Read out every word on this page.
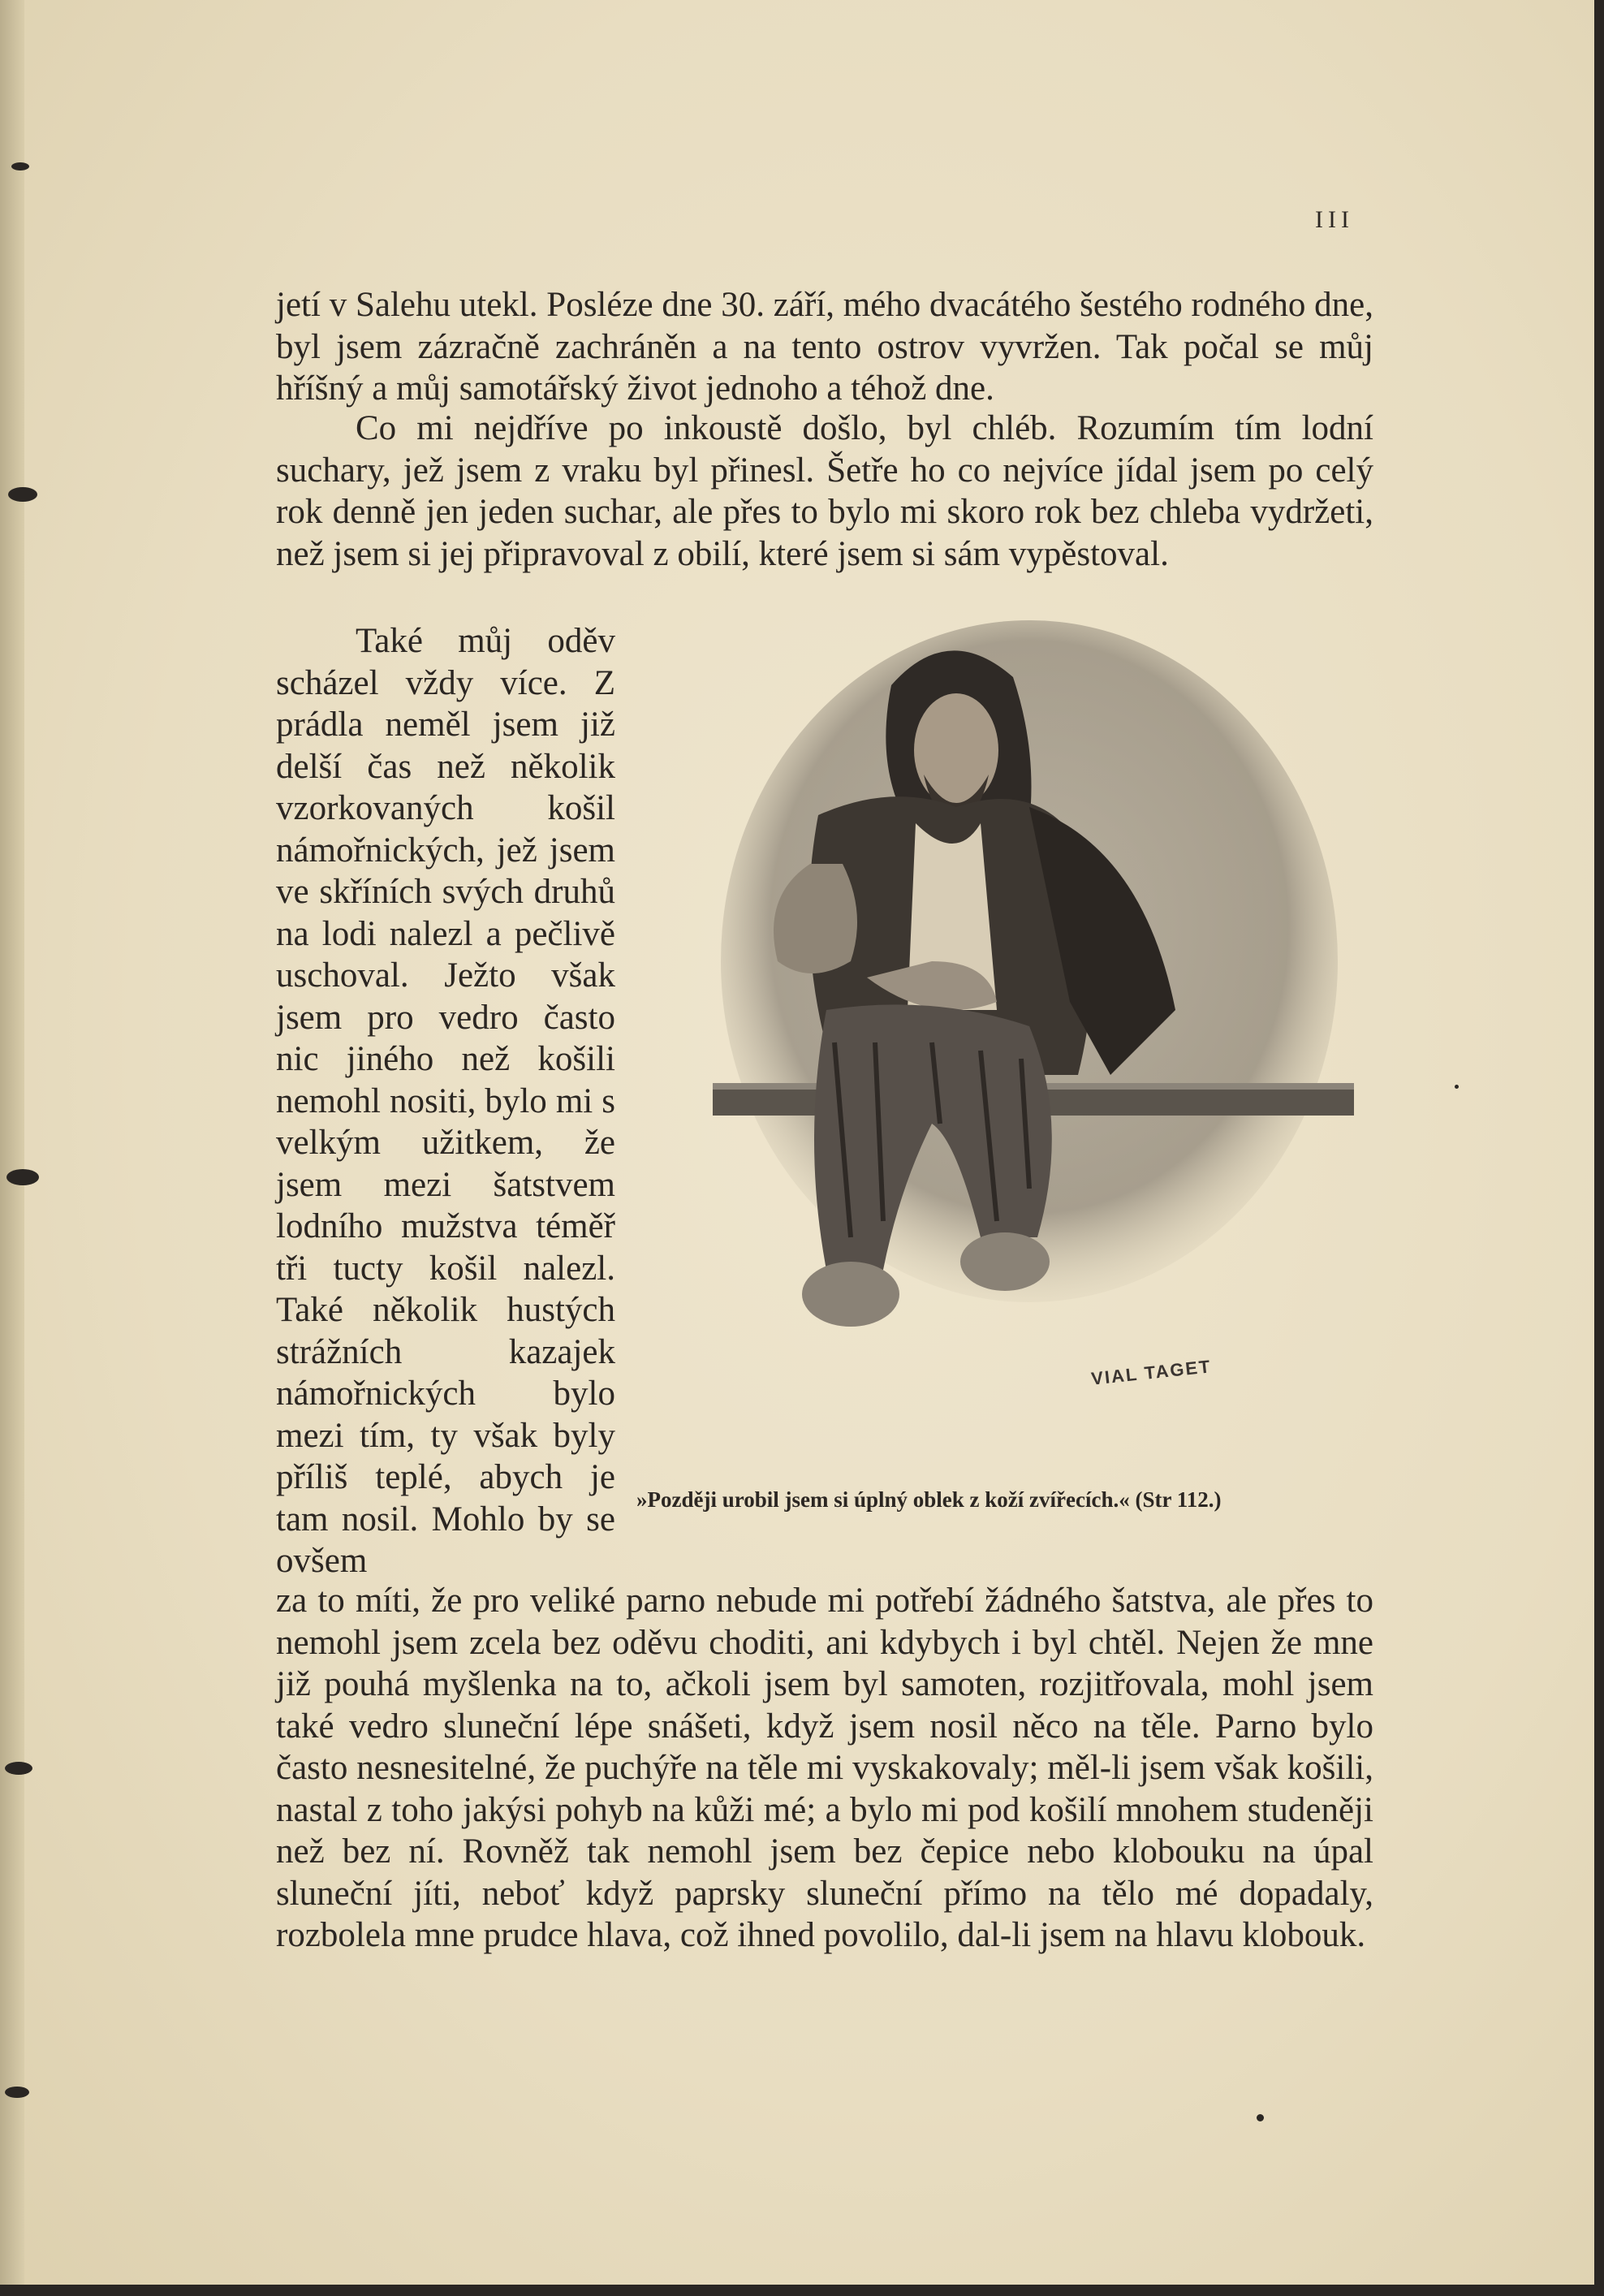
III

jetí v Salehu utekl. Posléze dne 30. září, mého dvacátého šestého rodného dne, byl jsem zázračně zachráněn a na tento ostrov vyvržen. Tak počal se můj hříšný a můj samotářský život jednoho a téhož dne.

Co mi nejdříve po inkoustě došlo, byl chléb. Rozumím tím lodní suchary, jež jsem z vraku byl přinesl. Šetře ho co nejvíce jídal jsem po celý rok denně jen jeden suchar, ale přes to bylo mi skoro rok bez chleba vydržeti, než jsem si jej připravoval z obilí, které jsem si sám vypěstoval.

Také můj oděv scházel vždy více. Z prádla neměl jsem již delší čas než několik vzorkovaných košil námořnických, jež jsem ve skříních svých druhů na lodi nalezl a pečlivě uschoval. Ježto však jsem pro vedro často nic jiného než košili nemohl nositi, bylo mi s velkým užitkem, že jsem mezi šatstvem lodního mužstva téměř tři tucty košil nalezl. Také několik hustých strážních kazajek námořnických bylo mezi tím, ty však byly příliš teplé, abych je tam nosil. Mohlo by se ovšem

VIAL TAGET
»Později urobil jsem si úplný oblek z koží zvířecích.« (Str 112.)

za to míti, že pro veliké parno nebude mi potřebí žádného šatstva, ale přes to nemohl jsem zcela bez oděvu choditi, ani kdybych i byl chtěl. Nejen že mne již pouhá myšlenka na to, ačkoli jsem byl samoten, rozjitřovala, mohl jsem také vedro sluneční lépe snášeti, když jsem nosil něco na těle. Parno bylo často nesnesitelné, že puchýře na těle mi vyskakovaly; měl-li jsem však košili, nastal z toho jakýsi pohyb na kůži mé; a bylo mi pod košilí mnohem studeněji než bez ní. Rovněž tak nemohl jsem bez čepice nebo klobouku na úpal sluneční jíti, neboť když paprsky sluneční přímo na tělo mé dopadaly, rozbolela mne prudce hlava, což ihned povolilo, dal-li jsem na hlavu klobouk.
